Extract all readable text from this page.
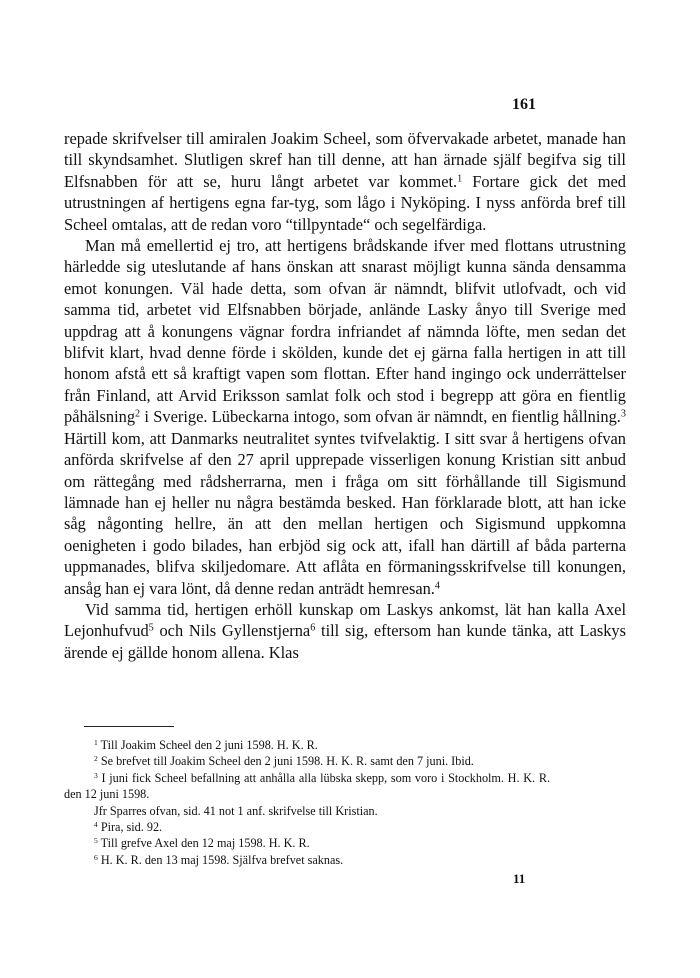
161

repade skrifvelser till amiralen Joakim Scheel, som öfvervakade arbetet, manade han till skyndsamhet. Slutligen skref han till denne, att han ärnade själf begifva sig till Elfsnabben för att se, huru långt arbetet var kommet.$^1$ Fortare gick det med utrustningen af hertigens egna far-tyg, som lågo i Nyköping. I nyss anförda bref till Scheel omtalas, att de redan voro “tillpyntade“ och segelfärdiga.

Man må emellertid ej tro, att hertigens brådskande ifver med flottans utrustning härledde sig uteslutande af hans önskan att snarast möjligt kunna sända densamma emot konungen. Väl hade detta, som ofvan är nämndt, blifvit utlofvadt, och vid samma tid, arbetet vid Elfsnabben började, anlände Lasky ånyo till Sverige med uppdrag att å konungens vägnar fordra infriandet af nämnda löfte, men sedan det blifvit klart, hvad denne förde i skölden, kunde det ej gärna falla hertigen in att till honom afstå ett så kraftigt vapen som flottan. Efter hand ingingo ock underrättelser från Finland, att Arvid Eriksson samlat folk och stod i begrepp att göra en fientlig påhälsning$^2$ i Sverige. Lübeckarna intogo, som ofvan är nämndt, en fientlig hållning.$^3$ Härtill kom, att Danmarks neutralitet syntes tvifvelaktig. I sitt svar å hertigens ofvan anförda skrifvelse af den 27 april upprepade visserligen konung Kristian sitt anbud om rättegång med rådsherrarna, men i fråga om sitt förhållande till Sigismund lämnade han ej heller nu några bestämda besked. Han förklarade blott, att han icke såg någonting hellre, än att den mellan hertigen och Sigismund uppkomna oenigheten i godo bilades, han erbjöd sig ock att, ifall han därtill af båda parterna uppmanades, blifva skiljedomare. Att aflåta en förmaningsskrifvelse till konungen, ansåg han ej vara lönt, då denne redan anträdt hemresan.$^4$

Vid samma tid, hertigen erhöll kunskap om Laskys ankomst, lät han kalla Axel Lejonhufvud$^5$ och Nils Gyllenstjerna$^6$ till sig, eftersom han kunde tänka, att Laskys ärende ej gällde honom allena. Klas

$^1$ Till Joakim Scheel den 2 juni 1598. H. K. R.

$^2$ Se brefvet till Joakim Scheel den 2 juni 1598. H. K. R. samt den 7 juni. Ibid.

$^3$ I juni fick Scheel befallning att anhålla alla lübska skepp, som voro i Stockholm. H. K. R. den 12 juni 1598.

Jfr Sparres ofvan, sid. 41 not 1 anf. skrifvelse till Kristian.

$^4$ Pira, sid. 92.

$^5$ Till grefve Axel den 12 maj 1598. H. K. R.

$^6$ H. K. R. den 13 maj 1598. Själfva brefvet saknas.

11
